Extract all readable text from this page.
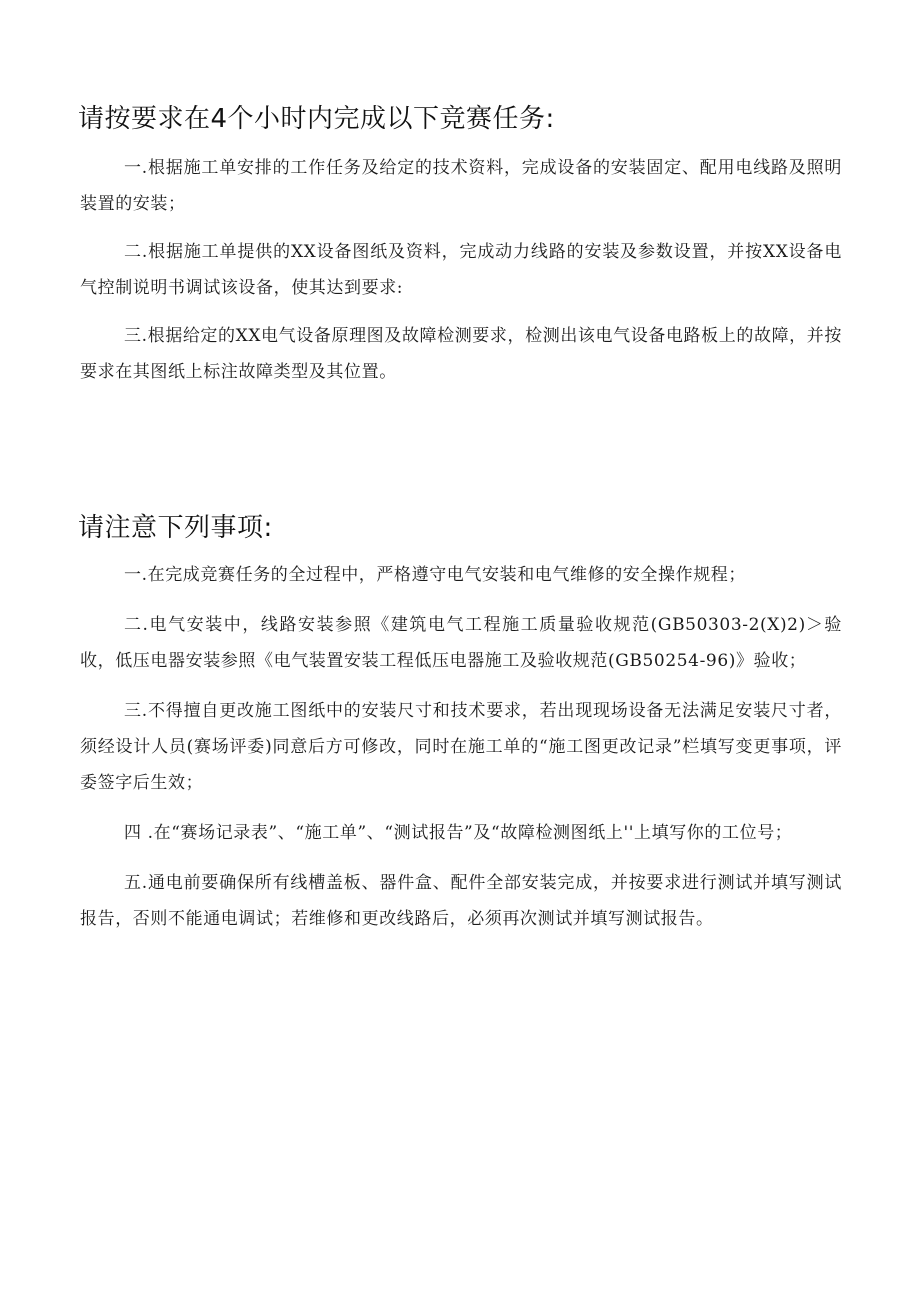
请按要求在4个小时内完成以下竞赛任务:

一.根据施工单安排的工作任务及给定的技术资料，完成设备的安装固定、配用电线路及照明装置的安装；

二.根据施工单提供的XX设备图纸及资料，完成动力线路的安装及参数设置，并按XX设备电气控制说明书调试该设备，使其达到要求:

三.根据给定的XX电气设备原理图及故障检测要求，检测出该电气设备电路板上的故障，并按要求在其图纸上标注故障类型及其位置。

请注意下列事项:

一.在完成竞赛任务的全过程中，严格遵守电气安装和电气维修的安全操作规程；

二.电气安装中，线路安装参照《建筑电气工程施工质量验收规范(GB50303-2(X)2)＞验收，低压电器安装参照《电气装置安装工程低压电器施工及验收规范(GB50254-96)》验收；

三.不得擅自更改施工图纸中的安装尺寸和技术要求，若出现现场设备无法满足安装尺寸者，须经设计人员(赛场评委)同意后方可修改，同时在施工单的“施工图更改记录”栏填写变更事项，评委签字后生效；

四 .在“赛场记录表”、“施工单”、“测试报告”及“故障检测图纸上''上填写你的工位号；

五.通电前要确保所有线槽盖板、器件盒、配件全部安装完成，并按要求进行测试并填写测试报告，否则不能通电调试；若维修和更改线路后，必须再次测试并填写测试报告。
